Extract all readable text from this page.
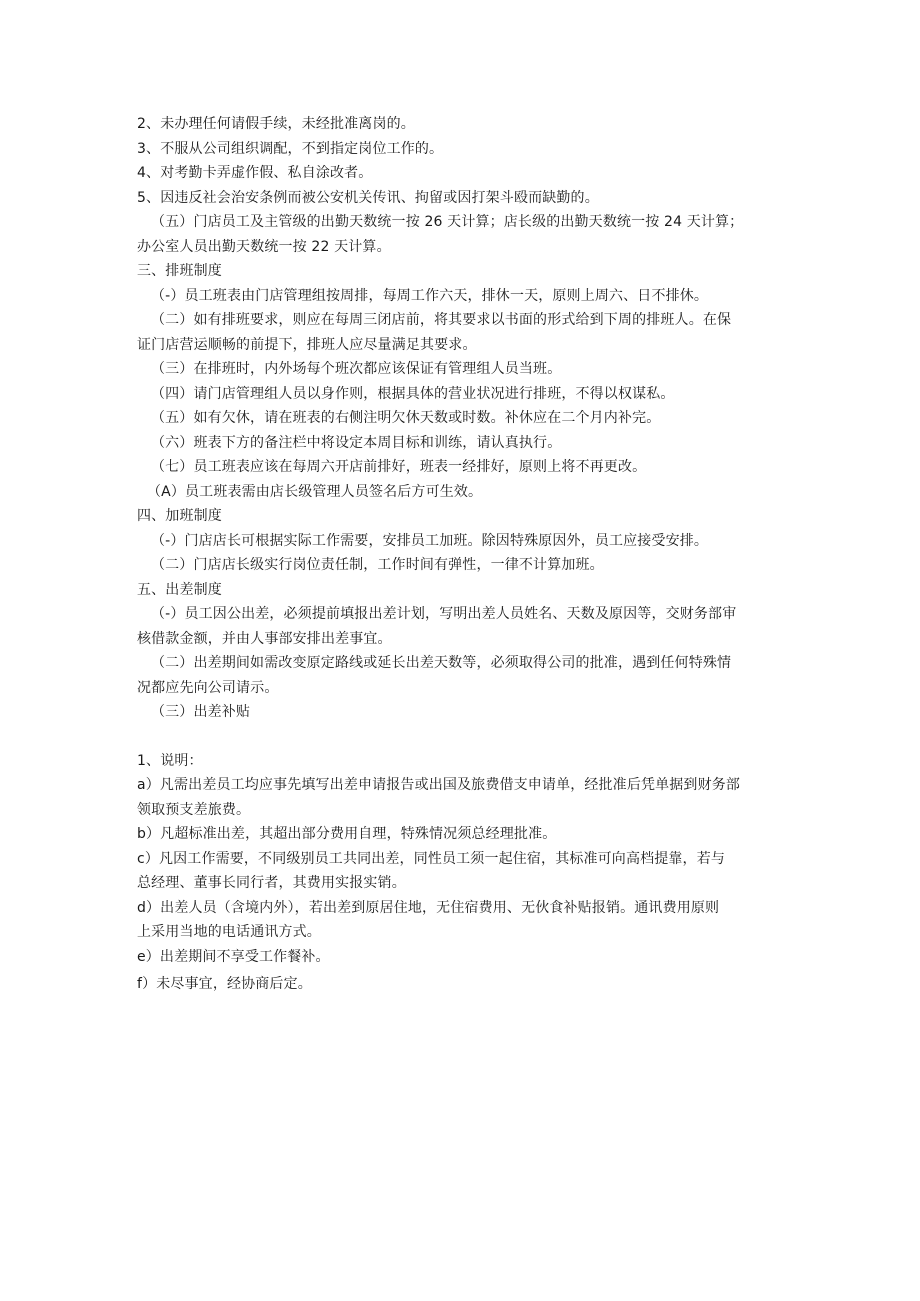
2、未办理任何请假手续，未经批准离岗的。
3、不服从公司组织调配，不到指定岗位工作的。
4、对考勤卡弄虚作假、私自涂改者。
5、因违反社会治安条例而被公安机关传讯、拘留或因打架斗殴而缺勤的。
（五）门店员工及主管级的出勤天数统一按 26 天计算；店长级的出勤天数统一按 24 天计算；
办公室人员出勤天数统一按 22 天计算。
三、排班制度
（-）员工班表由门店管理组按周排，每周工作六天，排休一天，原则上周六、日不排休。
（二）如有排班要求，则应在每周三闭店前，将其要求以书面的形式给到下周的排班人。在保
证门店营运顺畅的前提下，排班人应尽量满足其要求。
（三）在排班时，内外场每个班次都应该保证有管理组人员当班。
（四）请门店管理组人员以身作则，根据具体的营业状况进行排班，不得以权谋私。
（五）如有欠休，请在班表的右侧注明欠休天数或时数。补休应在二个月内补完。
（六）班表下方的备注栏中将设定本周目标和训练，请认真执行。
（七）员工班表应该在每周六开店前排好，班表一经排好，原则上将不再更改。
（A）员工班表需由店长级管理人员签名后方可生效。
四、加班制度
（-）门店店长可根据实际工作需要，安排员工加班。除因特殊原因外，员工应接受安排。
（二）门店店长级实行岗位责任制，工作时间有弹性，一律不计算加班。
五、出差制度
（-）员工因公出差，必须提前填报出差计划，写明出差人员姓名、天数及原因等，交财务部审
核借款金额，并由人事部安排出差事宜。
（二）出差期间如需改变原定路线或延长出差天数等，必须取得公司的批准，遇到任何特殊情
况都应先向公司请示。
（三）出差补贴
1、说明：
a）凡需出差员工均应事先填写出差申请报告或出国及旅费借支申请单，经批准后凭单据到财务部
领取预支差旅费。
b）凡超标准出差，其超出部分费用自理，特殊情况须总经理批准。
c）凡因工作需要，不同级别员工共同出差，同性员工须一起住宿，其标准可向高档提靠，若与
总经理、董事长同行者，其费用实报实销。
d）出差人员（含境内外），若出差到原居住地，无住宿费用、无伙食补贴报销。通讯费用原则
上采用当地的电话通讯方式。
e）出差期间不享受工作餐补。
f）未尽事宜，经协商后定。
